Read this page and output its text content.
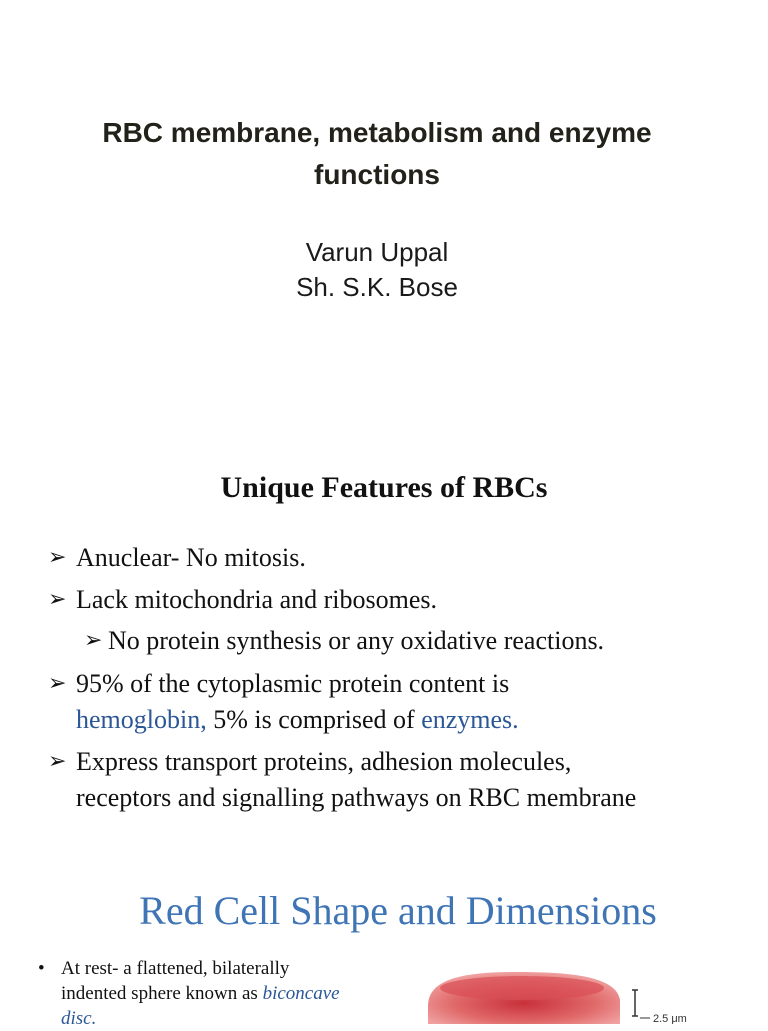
RBC membrane, metabolism and enzyme functions
Varun Uppal
Sh. S.K. Bose
Unique Features of RBCs
➢ Anuclear- No mitosis.
➢ Lack mitochondria and ribosomes.
➢ No protein synthesis or any oxidative reactions.
➢ 95% of the cytoplasmic protein content is
hemoglobin, 5% is comprised of enzymes.
➢ Express transport proteins, adhesion molecules,
receptors and signalling pathways on RBC membrane
Red Cell Shape and Dimensions
• At rest- a flattened, bilaterally
indented sphere known as biconcave
disc.	2.5 μm
